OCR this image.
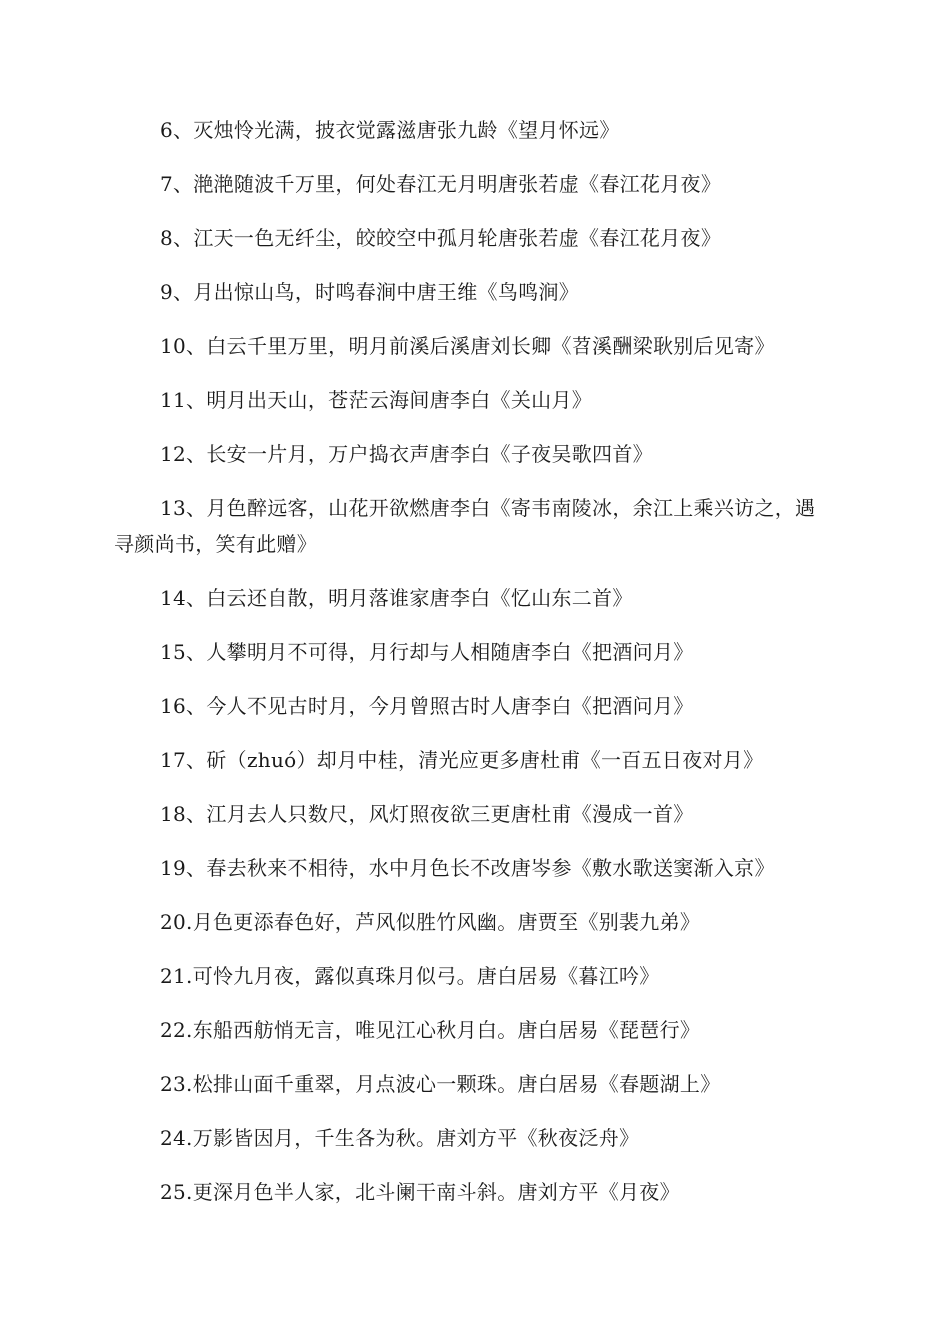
6、灭烛怜光满，披衣觉露滋唐张九龄《望月怀远》

7、滟滟随波千万里，何处春江无月明唐张若虚《春江花月夜》

8、江天一色无纤尘，皎皎空中孤月轮唐张若虚《春江花月夜》

9、月出惊山鸟，时鸣春涧中唐王维《鸟鸣涧》

10、白云千里万里，明月前溪后溪唐刘长卿《苕溪酬梁耿别后见寄》

11、明月出天山，苍茫云海间唐李白《关山月》

12、长安一片月，万户捣衣声唐李白《子夜吴歌四首》

13、月色醉远客，山花开欲燃唐李白《寄韦南陵冰，余江上乘兴访之，遇寻颜尚书，笑有此赠》

14、白云还自散，明月落谁家唐李白《忆山东二首》

15、人攀明月不可得，月行却与人相随唐李白《把酒问月》

16、今人不见古时月，今月曾照古时人唐李白《把酒问月》

17、斫（zhuó）却月中桂，清光应更多唐杜甫《一百五日夜对月》

18、江月去人只数尺，风灯照夜欲三更唐杜甫《漫成一首》

19、春去秋来不相待，水中月色长不改唐岑参《敷水歌送窦渐入京》

20.月色更添春色好，芦风似胜竹风幽。唐贾至《别裴九弟》

21.可怜九月夜，露似真珠月似弓。唐白居易《暮江吟》

22.东船西舫悄无言，唯见江心秋月白。唐白居易《琵琶行》

23.松排山面千重翠，月点波心一颗珠。唐白居易《春题湖上》

24.万影皆因月，千生各为秋。唐刘方平《秋夜泛舟》

25.更深月色半人家，北斗阑干南斗斜。唐刘方平《月夜》
